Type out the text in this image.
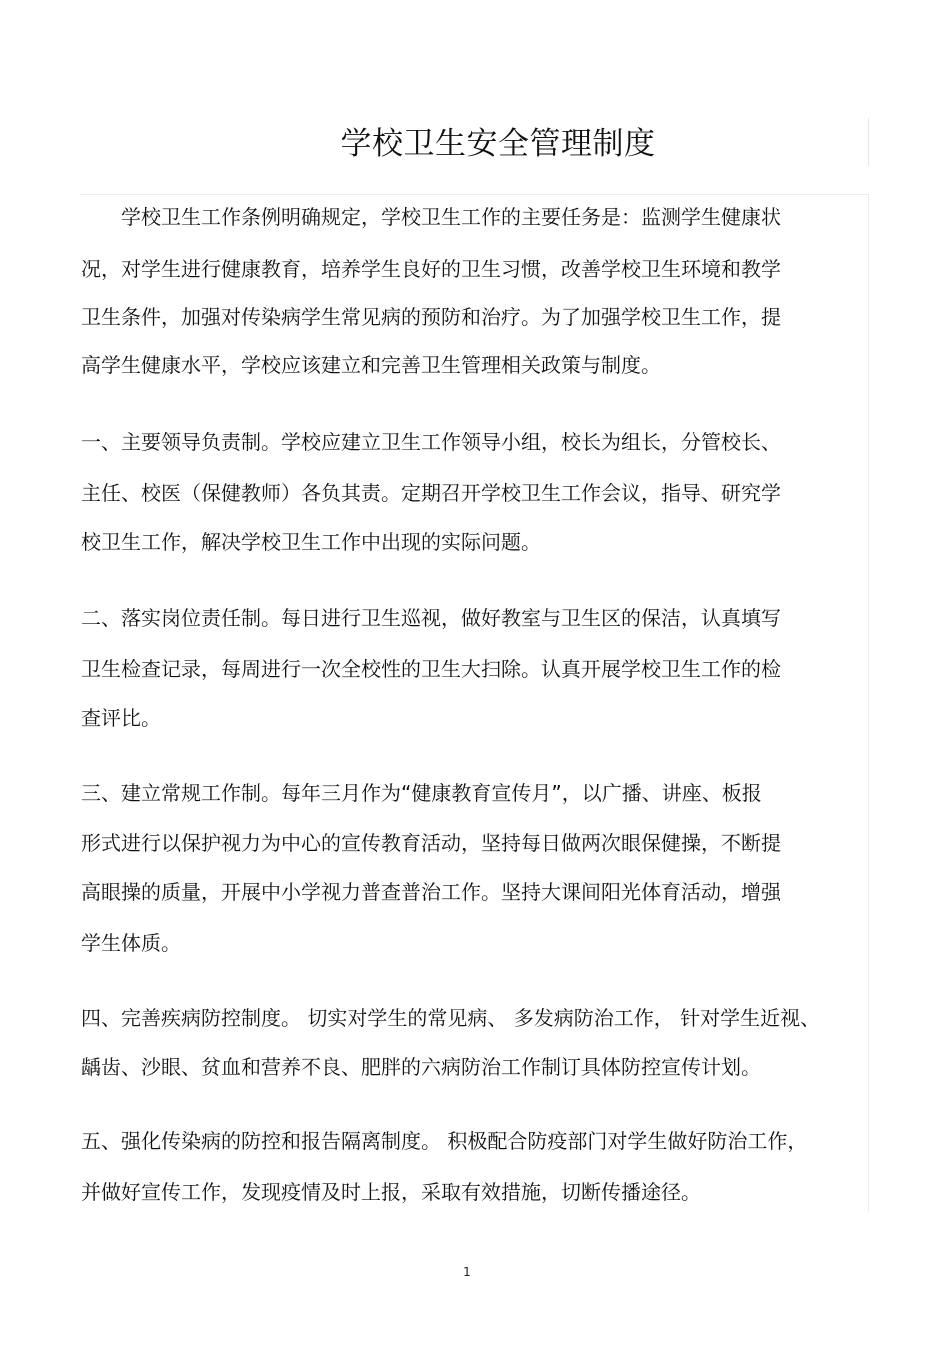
学校卫生安全管理制度
学校卫生工作条例明确规定，学校卫生工作的主要任务是：监测学生健康状
况，对学生进行健康教育，培养学生良好的卫生习惯，改善学校卫生环境和教学
卫生条件，加强对传染病学生常见病的预防和治疗。为了加强学校卫生工作，提
高学生健康水平，学校应该建立和完善卫生管理相关政策与制度。
一、主要领导负责制。学校应建立卫生工作领导小组，校长为组长，分管校长、
主任、校医（保健教师）各负其责。定期召开学校卫生工作会议，指导、研究学
校卫生工作，解决学校卫生工作中出现的实际问题。
二、落实岗位责任制。每日进行卫生巡视，做好教室与卫生区的保洁，认真填写
卫生检查记录，每周进行一次全校性的卫生大扫除。认真开展学校卫生工作的检
查评比。
三、建立常规工作制。每年三月作为“健康教育宣传月”，以广播、讲座、板报
形式进行以保护视力为中心的宣传教育活动，坚持每日做两次眼保健操，不断提
高眼操的质量，开展中小学视力普查普治工作。坚持大课间阳光体育活动，增强
学生体质。
四、完善疾病防控制度。 切实对学生的常见病、 多发病防治工作， 针对学生近视、
龋齿、沙眼、贫血和营养不良、肥胖的六病防治工作制订具体防控宣传计划。
五、强化传染病的防控和报告隔离制度。 积极配合防疫部门对学生做好防治工作，
并做好宣传工作，发现疫情及时上报，采取有效措施，切断传播途径。
1
